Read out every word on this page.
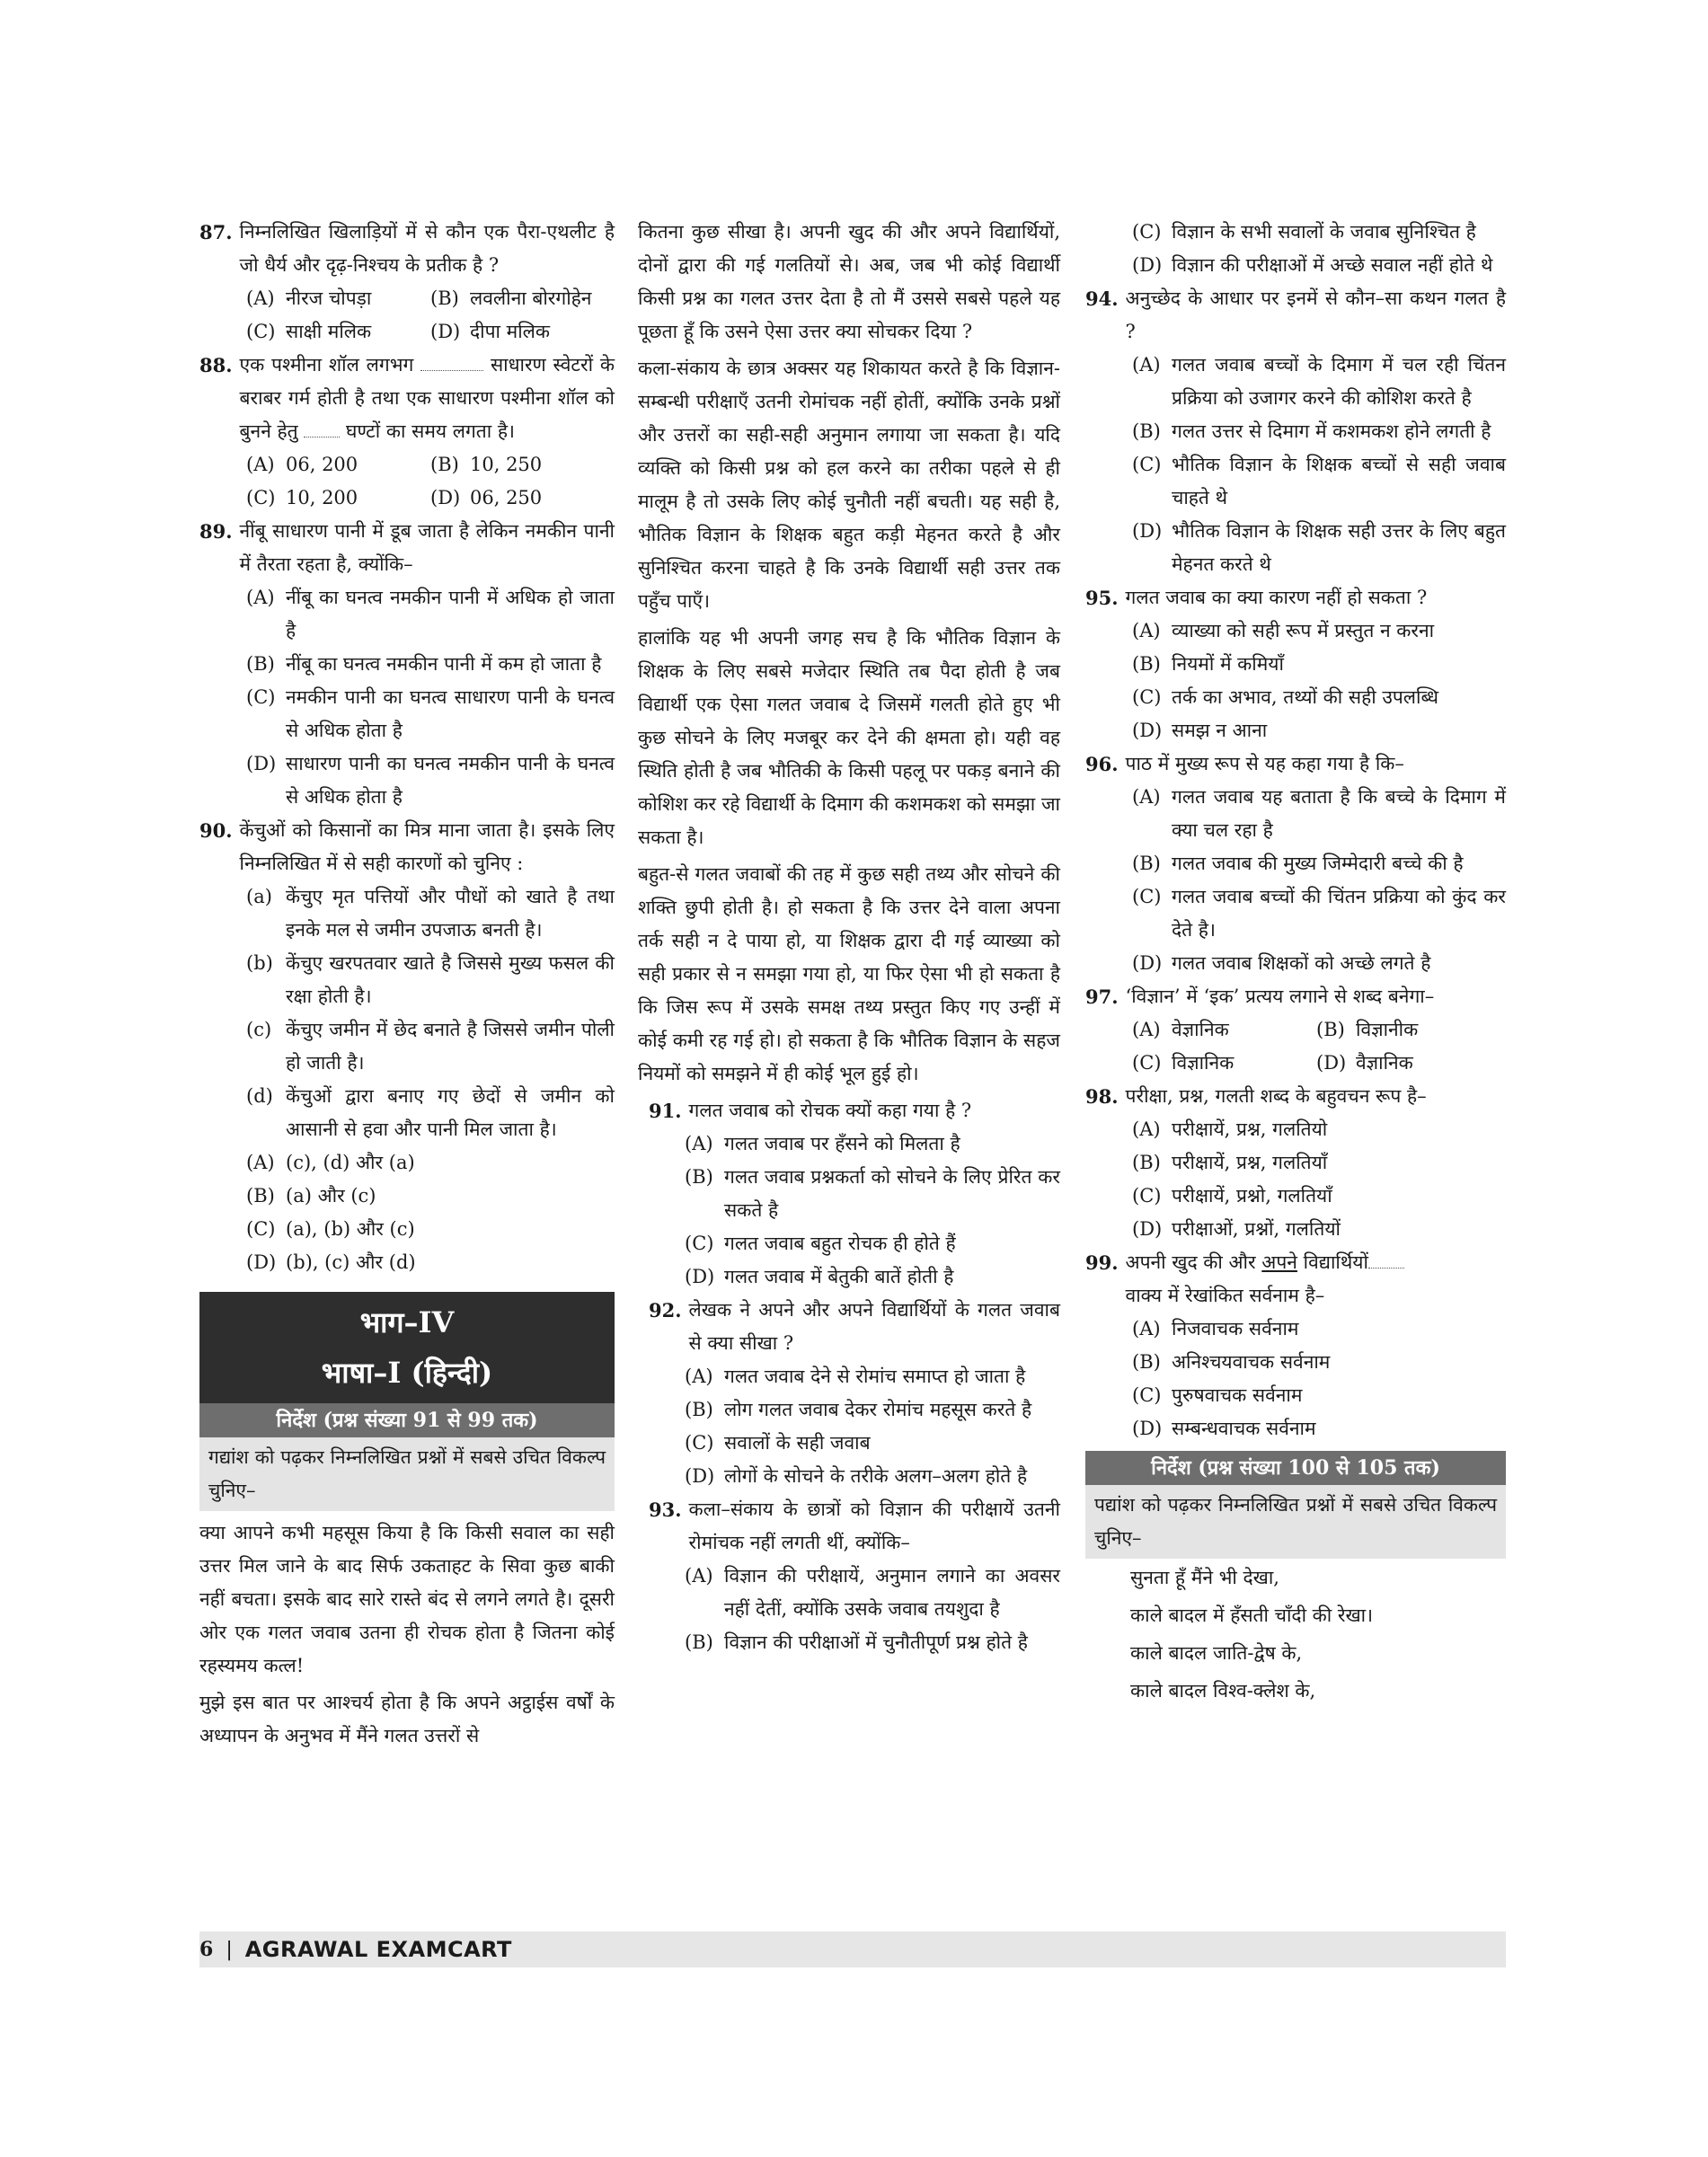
87. निम्नलिखित खिलाड़ियों में से कौन एक पैरा-एथलीट है जो धैर्य और दृढ़-निश्चय के प्रतीक है ?
(A) नीरज चोपड़ा	(B) लवलीना बोरगोहेन
(C) साक्षी मलिक	(D) दीपा मलिक
88. एक पश्मीना शॉल लगभग	साधारण स्वेटरों के बराबर गर्म होती है तथा एक साधारण पश्मीना शॉल को बुनने हेतु	घण्टों का समय लगता है।
(A) 06, 200	(B) 10, 250
(C) 10, 200	(D) 06, 250
89. नींबू साधारण पानी में डूब जाता है लेकिन नमकीन पानी में तैरता रहता है, क्योंकि–
(A) नींबू का घनत्व नमकीन पानी में अधिक हो जाता है
(B) नींबू का घनत्व नमकीन पानी में कम हो जाता है
(C) नमकीन पानी का घनत्व साधारण पानी के घनत्व से अधिक होता है
(D) साधारण पानी का घनत्व नमकीन पानी के घनत्व से अधिक होता है
90. केंचुओं को किसानों का मित्र माना जाता है। इसके लिए निम्नलिखित में से सही कारणों को चुनिए :
(a) केंचुए मृत पत्तियों और पौधों को खाते है तथा इनके मल से जमीन उपजाऊ बनती है।
(b) केंचुए खरपतवार खाते है जिससे मुख्य फसल की रक्षा होती है।
(c) केंचुए जमीन में छेद बनाते है जिससे जमीन पोली हो जाती है।
(d) केंचुओं द्वारा बनाए गए छेदों से जमीन को आसानी से हवा और पानी मिल जाता है।
(A) (c), (d) और (a)
(B) (a) और (c)
(C) (a), (b) और (c)
(D) (b), (c) और (d)
भाग–IV
भाषा–I (हिन्दी)
निर्देश (प्रश्न संख्या 91 से 99 तक)
गद्यांश को पढ़कर निम्नलिखित प्रश्नों में सबसे उचित विकल्प चुनिए–

क्या आपने कभी महसूस किया है कि किसी सवाल का सही उत्तर मिल जाने के बाद सिर्फ उकताहट के सिवा कुछ बाकी नहीं बचता। इसके बाद सारे रास्ते बंद से लगने लगते है। दूसरी ओर एक गलत जवाब उतना ही रोचक होता है जितना कोई रहस्यमय कत्ल!

मुझे इस बात पर आश्चर्य होता है कि अपने अट्ठाईस वर्षों के अध्यापन के अनुभव में मैंने गलत उत्तरों से

कितना कुछ सीखा है। अपनी खुद की और अपने विद्यार्थियों, दोनों द्वारा की गई गलतियों से। अब, जब भी कोई विद्यार्थी किसी प्रश्न का गलत उत्तर देता है तो मैं उससे सबसे पहले यह पूछता हूँ कि उसने ऐसा उत्तर क्या सोचकर दिया ?

कला-संकाय के छात्र अक्सर यह शिकायत करते है कि विज्ञान-सम्बन्धी परीक्षाएँ उतनी रोमांचक नहीं होतीं, क्योंकि उनके प्रश्नों और उत्तरों का सही-सही अनुमान लगाया जा सकता है। यदि व्यक्ति को किसी प्रश्न को हल करने का तरीका पहले से ही मालूम है तो उसके लिए कोई चुनौती नहीं बचती। यह सही है, भौतिक विज्ञान के शिक्षक बहुत कड़ी मेहनत करते है और सुनिश्चित करना चाहते है कि उनके विद्यार्थी सही उत्तर तक पहुँच पाएँ।

हालांकि यह भी अपनी जगह सच है कि भौतिक विज्ञान के शिक्षक के लिए सबसे मजेदार स्थिति तब पैदा होती है जब विद्यार्थी एक ऐसा गलत जवाब दे जिसमें गलती होते हुए भी कुछ सोचने के लिए मजबूर कर देने की क्षमता हो। यही वह स्थिति होती है जब भौतिकी के किसी पहलू पर पकड़ बनाने की कोशिश कर रहे विद्यार्थी के दिमाग की कशमकश को समझा जा सकता है।

बहुत-से गलत जवाबों की तह में कुछ सही तथ्य और सोचने की शक्ति छुपी होती है। हो सकता है कि उत्तर देने वाला अपना तर्क सही न दे पाया हो, या शिक्षक द्वारा दी गई व्याख्या को सही प्रकार से न समझा गया हो, या फिर ऐसा भी हो सकता है कि जिस रूप में उसके समक्ष तथ्य प्रस्तुत किए गए उन्हीं में कोई कमी रह गई हो। हो सकता है कि भौतिक विज्ञान के सहज नियमों को समझने में ही कोई भूल हुई हो।

91. गलत जवाब को रोचक क्यों कहा गया है ?
(A) गलत जवाब पर हँसने को मिलता है
(B) गलत जवाब प्रश्नकर्ता को सोचने के लिए प्रेरित कर सकते है
(C) गलत जवाब बहुत रोचक ही होते हैं
(D) गलत जवाब में बेतुकी बातें होती है
92. लेखक ने अपने और अपने विद्यार्थियों के गलत जवाब से क्या सीखा ?
(A) गलत जवाब देने से रोमांच समाप्त हो जाता है
(B) लोग गलत जवाब देकर रोमांच महसूस करते है
(C) सवालों के सही जवाब
(D) लोगों के सोचने के तरीके अलग–अलग होते है
93. कला–संकाय के छात्रों को विज्ञान की परीक्षायें उतनी रोमांचक नहीं लगती थीं, क्योंकि–
(A) विज्ञान की परीक्षायें, अनुमान लगाने का अवसर नहीं देतीं, क्योंकि उसके जवाब तयशुदा है
(B) विज्ञान की परीक्षाओं में चुनौतीपूर्ण प्रश्न होते है
(C) विज्ञान के सभी सवालों के जवाब सुनिश्चित है
(D) विज्ञान की परीक्षाओं में अच्छे सवाल नहीं होते थे
94. अनुच्छेद के आधार पर इनमें से कौन–सा कथन गलत है ?
(A) गलत जवाब बच्चों के दिमाग में चल रही चिंतन प्रक्रिया को उजागर करने की कोशिश करते है
(B) गलत उत्तर से दिमाग में कशमकश होने लगती है
(C) भौतिक विज्ञान के शिक्षक बच्चों से सही जवाब चाहते थे
(D) भौतिक विज्ञान के शिक्षक सही उत्तर के लिए बहुत मेहनत करते थे
95. गलत जवाब का क्या कारण नहीं हो सकता ?
(A) व्याख्या को सही रूप में प्रस्तुत न करना
(B) नियमों में कमियाँ
(C) तर्क का अभाव, तथ्यों की सही उपलब्धि
(D) समझ न आना
96. पाठ में मुख्य रूप से यह कहा गया है कि–
(A) गलत जवाब यह बताता है कि बच्चे के दिमाग में क्या चल रहा है
(B) गलत जवाब की मुख्य जिम्मेदारी बच्चे की है
(C) गलत जवाब बच्चों की चिंतन प्रक्रिया को कुंद कर देते है।
(D) गलत जवाब शिक्षकों को अच्छे लगते है
97. ‘विज्ञान’ में ‘इक’ प्रत्यय लगाने से शब्द बनेगा–
(A) वेज्ञानिक	(B) विज्ञानीक
(C) विज्ञानिक	(D) वैज्ञानिक
98. परीक्षा, प्रश्न, गलती शब्द के बहुवचन रूप है–
(A) परीक्षायें, प्रश्न, गलतियो
(B) परीक्षायें, प्रश्न, गलतियाँ
(C) परीक्षायें, प्रश्नो, गलतियाँ
(D) परीक्षाओं, प्रश्नों, गलतियों
99. अपनी खुद की और अपने विद्यार्थियों
वाक्य में रेखांकित सर्वनाम है–
(A) निजवाचक सर्वनाम
(B) अनिश्चयवाचक सर्वनाम
(C) पुरुषवाचक सर्वनाम
(D) सम्बन्धवाचक सर्वनाम
निर्देश (प्रश्न संख्या 100 से 105 तक)
पद्यांश को पढ़कर निम्नलिखित प्रश्नों में सबसे उचित विकल्प चुनिए–
सुनता हूँ मैंने भी देखा,
काले बादल में हँसती चाँदी की रेखा।
काले बादल जाति-द्वेष के,
काले बादल विश्व-क्लेश के,
6 | AGRAWAL EXAMCART
